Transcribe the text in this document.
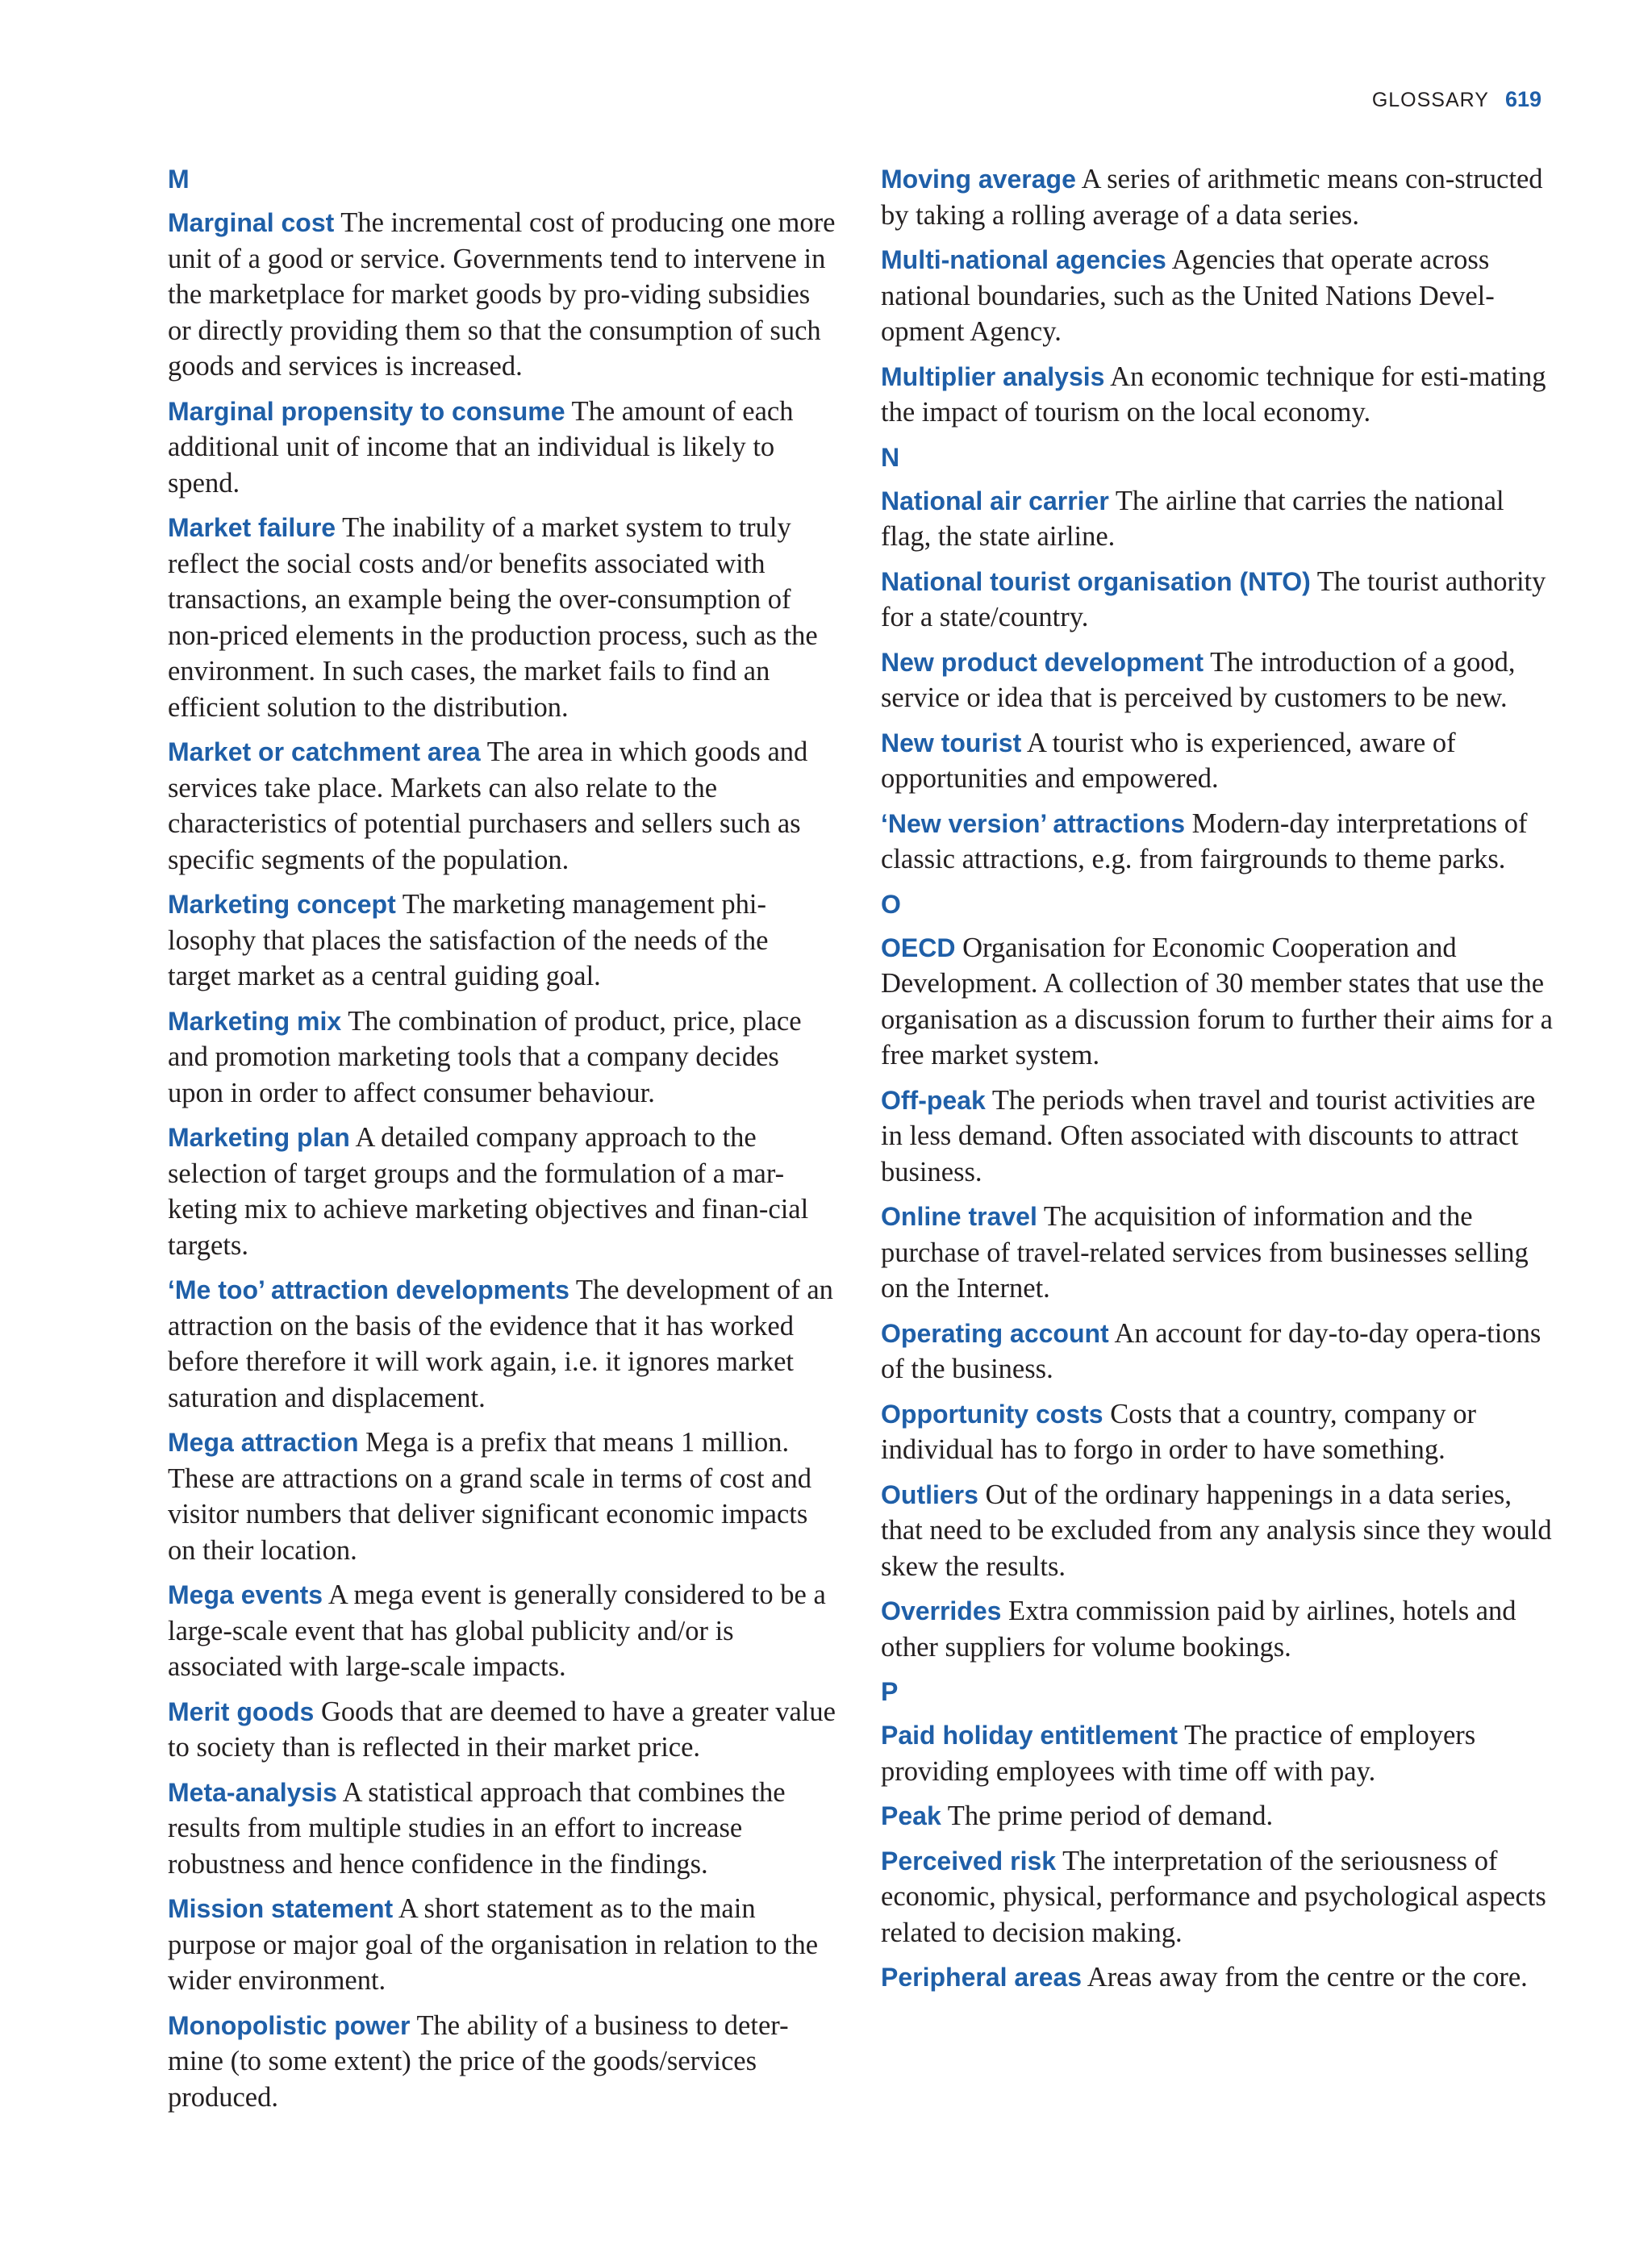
GLOSSARY 619
M

Marginal cost The incremental cost of producing one more unit of a good or service. Governments tend to intervene in the marketplace for market goods by pro-viding subsidies or directly providing them so that the consumption of such goods and services is increased.

Marginal propensity to consume The amount of each additional unit of income that an individual is likely to spend.

Market failure The inability of a market system to truly reflect the social costs and/or benefits associated with transactions, an example being the over-consumption of non-priced elements in the production process, such as the environment. In such cases, the market fails to find an efficient solution to the distribution.

Market or catchment area The area in which goods and services take place. Markets can also relate to the characteristics of potential purchasers and sellers such as specific segments of the population.

Marketing concept The marketing management phi-losophy that places the satisfaction of the needs of the target market as a central guiding goal.

Marketing mix The combination of product, price, place and promotion marketing tools that a company decides upon in order to affect consumer behaviour.

Marketing plan A detailed company approach to the selection of target groups and the formulation of a mar-keting mix to achieve marketing objectives and finan-cial targets.

‘Me too’ attraction developments The development of an attraction on the basis of the evidence that it has worked before therefore it will work again, i.e. it ignores market saturation and displacement.

Mega attraction Mega is a prefix that means 1 million. These are attractions on a grand scale in terms of cost and visitor numbers that deliver significant economic impacts on their location.

Mega events A mega event is generally considered to be a large-scale event that has global publicity and/or is associated with large-scale impacts.

Merit goods Goods that are deemed to have a greater value to society than is reflected in their market price.

Meta-analysis A statistical approach that combines the results from multiple studies in an effort to increase robustness and hence confidence in the findings.

Mission statement A short statement as to the main purpose or major goal of the organisation in relation to the wider environment.

Monopolistic power The ability of a business to deter-mine (to some extent) the price of the goods/services produced.

Moving average A series of arithmetic means con-structed by taking a rolling average of a data series.

Multi-national agencies Agencies that operate across national boundaries, such as the United Nations Devel-opment Agency.

Multiplier analysis An economic technique for esti-mating the impact of tourism on the local economy.

N

National air carrier The airline that carries the national flag, the state airline.

National tourist organisation (NTO) The tourist authority for a state/country.

New product development The introduction of a good, service or idea that is perceived by customers to be new.

New tourist A tourist who is experienced, aware of opportunities and empowered.

‘New version’ attractions Modern-day interpretations of classic attractions, e.g. from fairgrounds to theme parks.

O

OECD Organisation for Economic Cooperation and Development. A collection of 30 member states that use the organisation as a discussion forum to further their aims for a free market system.

Off-peak The periods when travel and tourist activities are in less demand. Often associated with discounts to attract business.

Online travel The acquisition of information and the purchase of travel-related services from businesses selling on the Internet.

Operating account An account for day-to-day opera-tions of the business.

Opportunity costs Costs that a country, company or individual has to forgo in order to have something.

Outliers Out of the ordinary happenings in a data series, that need to be excluded from any analysis since they would skew the results.

Overrides Extra commission paid by airlines, hotels and other suppliers for volume bookings.

P

Paid holiday entitlement The practice of employers providing employees with time off with pay.

Peak The prime period of demand.

Perceived risk The interpretation of the seriousness of economic, physical, performance and psychological aspects related to decision making.

Peripheral areas Areas away from the centre or the core.
